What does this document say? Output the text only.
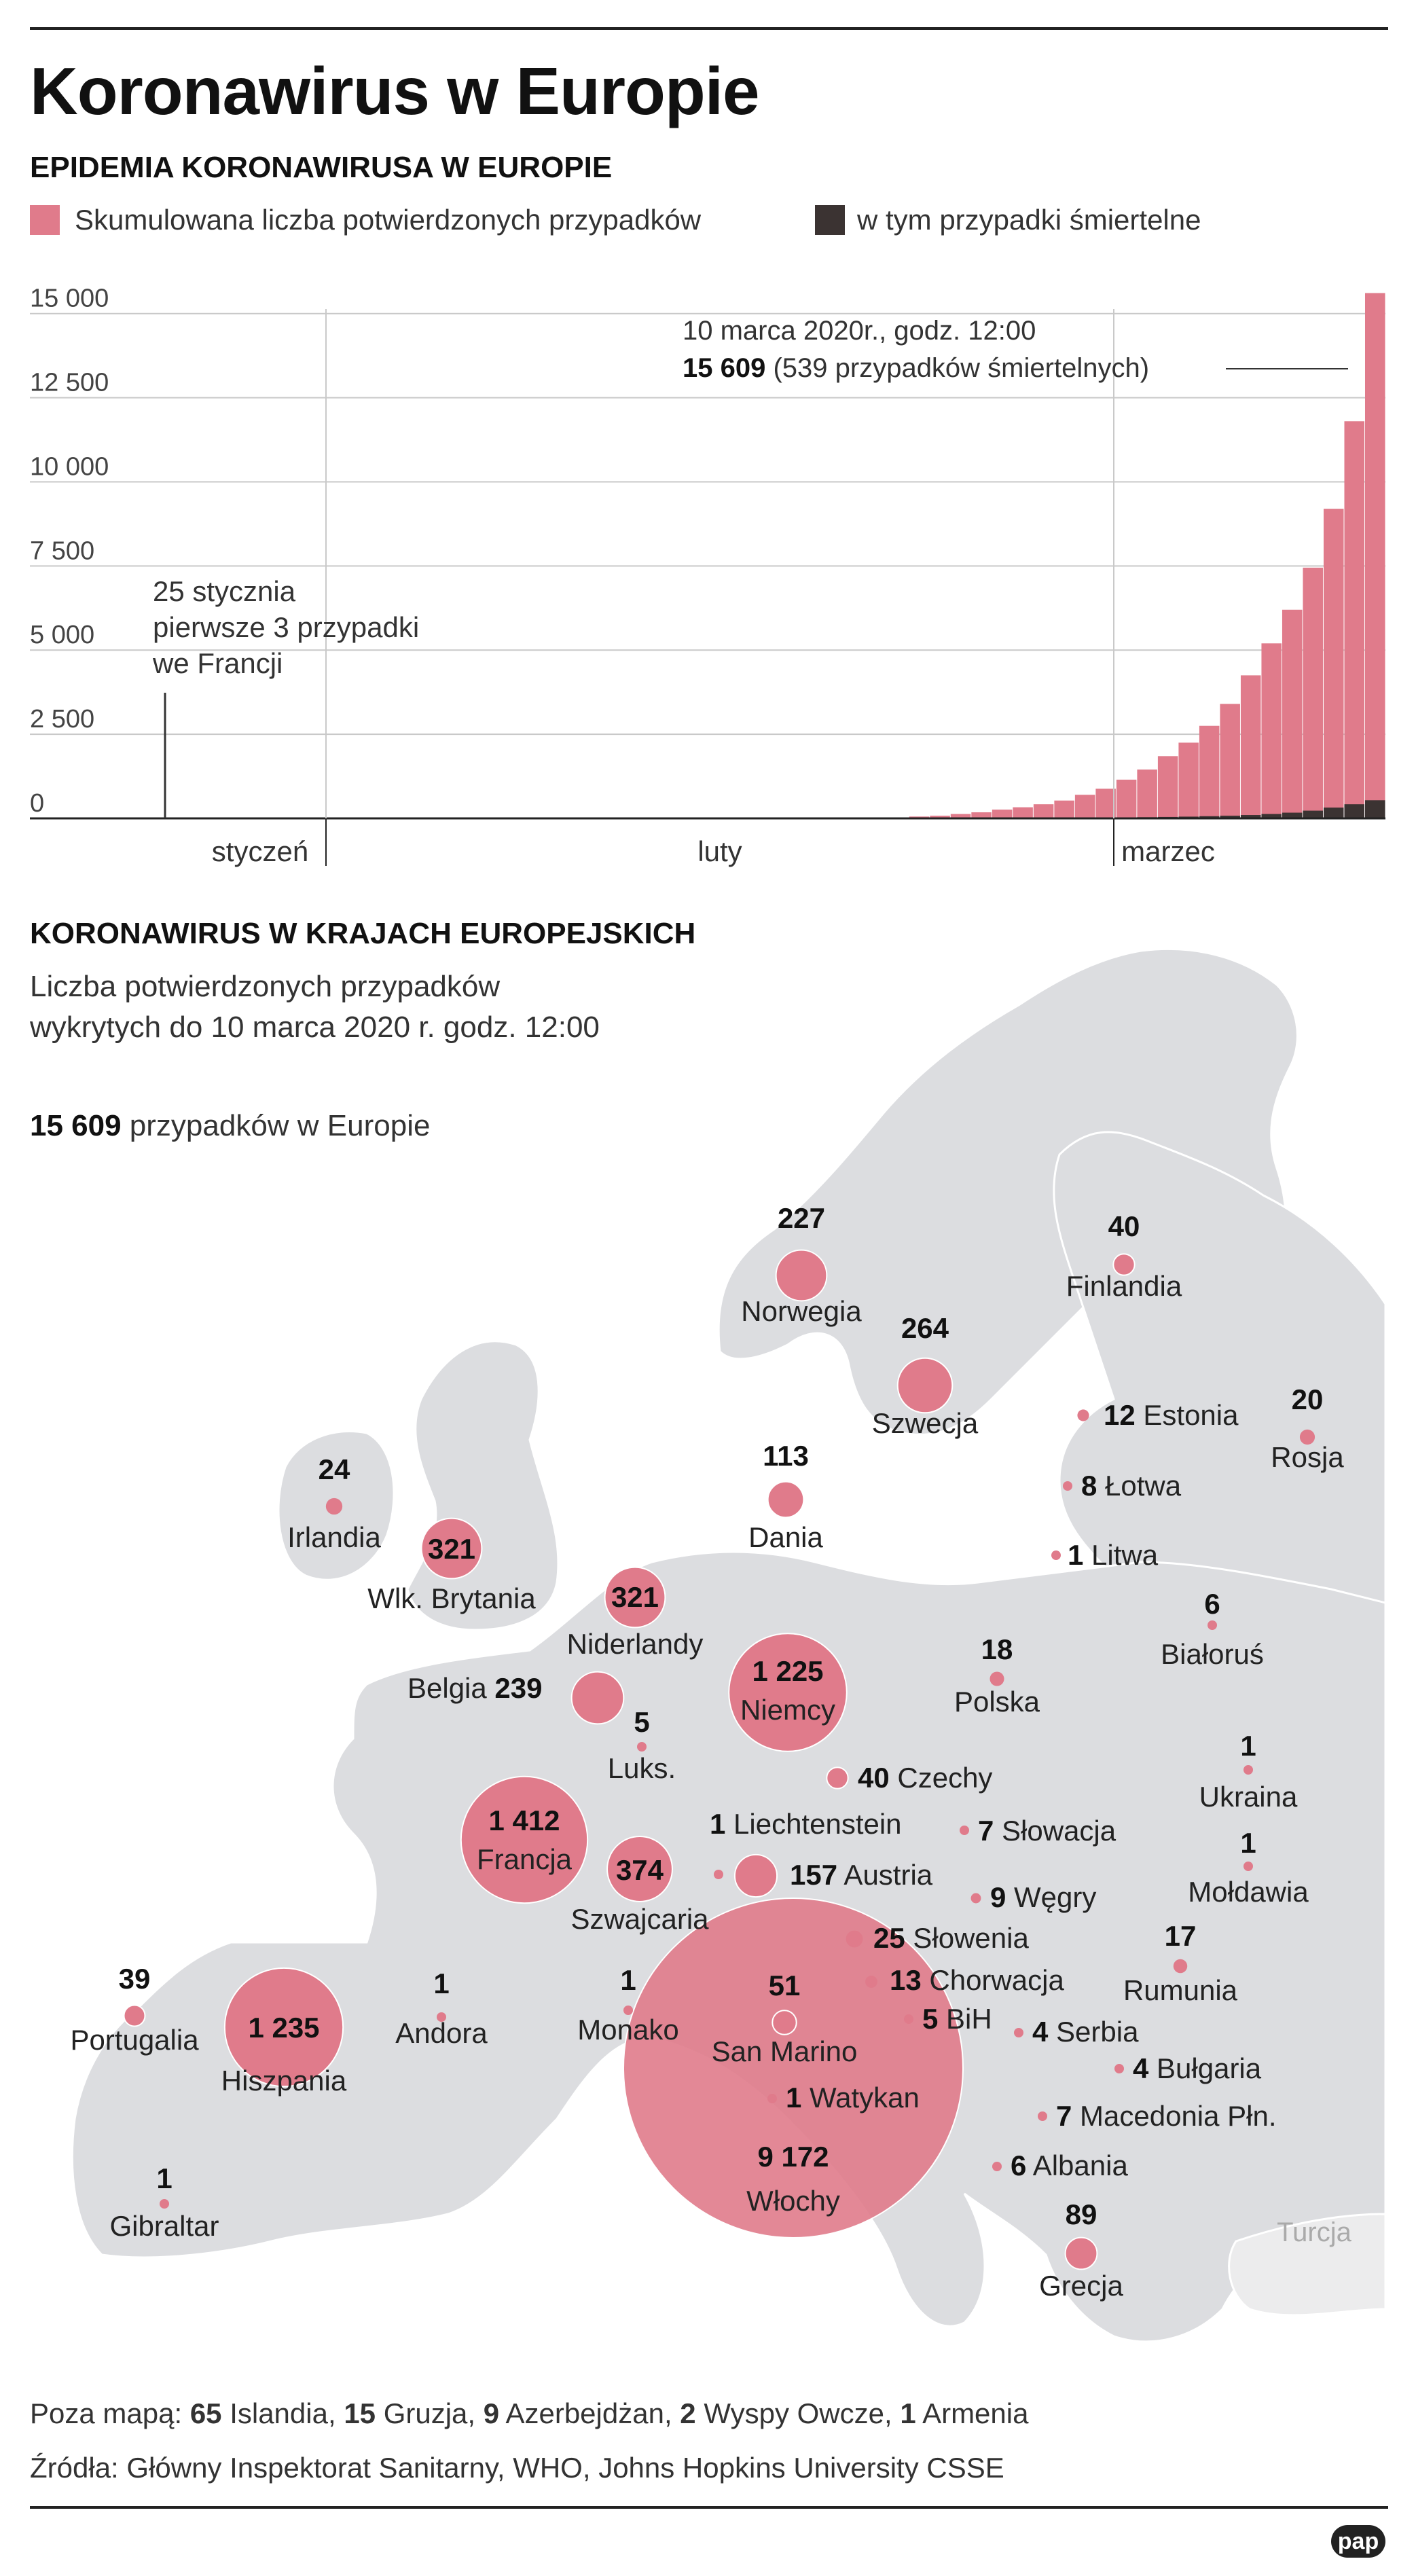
Koronawirus w Europie
EPIDEMIA KORONAWIRUSA W EUROPIE
Skumulowana liczba potwierdzonych przypadków	w tym przypadki śmiertelne
0
2 500
5 000
7 500
10 000
12 500
15 000
styczeń	luty	marzec
10 marca 2020r., godz. 12:00
15 609 (539 przypadków śmiertelnych)
25 stycznia
pierwsze 3 przypadki
we Francji
KORONAWIRUS W KRAJACH EUROPEJSKICH
Liczba potwierdzonych przypadków
wykrytych do 10 marca 2020 r. godz. 12:00
227
Norwegia
264
Szwecja
40
Finlandia
12 Estonia 20
Rosja
8 Łotwa
1 Litwa
24
Irlandia 321
Wlk. Brytania
113
Dania
321
Niderlandy
6
Białoruś
Belgia 239
1 225
Niemcy
18
Polska
5
Luks.	40 Czechy
1
Ukraina
1 412
Francja
1 Liechtenstein	7 Słowacja
374
Szwajcaria
157 Austria
1
Mołdawia
9 Węgry
25 Słowenia
39
Portugalia 1 235
Hiszpania
1
Andora
1
Monako
51
San Marino
13 Chorwacja
17
Rumunia
5 BiH 4 Serbia
4 Bułgaria
1 Watykan
7 Macedonia Płn.
6 Albania
9 172
Włochy
1
Gibraltar	89
Grecja
Turcja
15 609 przypadków w Europie
Poza mapą: 65 Islandia, 15 Gruzja, 9 Azerbejdżan, 2 Wyspy Owcze, 1 Armenia
Źródła: Główny Inspektorat Sanitarny, WHO, Johns Hopkins University CSSE
pap
